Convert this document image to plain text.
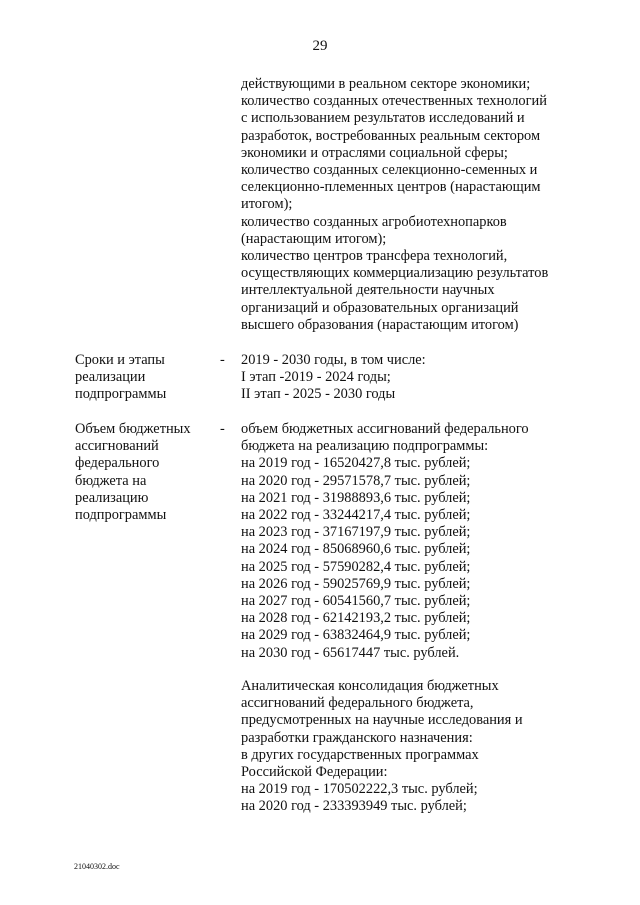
29
действующими в реальном секторе экономики;
количество созданных отечественных технологий
с использованием результатов исследований и
разработок, востребованных реальным сектором
экономики и отраслями социальной сферы;
количество созданных селекционно-семенных и
селекционно-племенных центров (нарастающим
итогом);
количество созданных агробиотехнопарков
(нарастающим итогом);
количество центров трансфера технологий,
осуществляющих коммерциализацию результатов
интеллектуальной деятельности научных
организаций и образовательных организаций
высшего образования (нарастающим итогом)
Сроки и этапы
реализации
подпрограммы
- 2019 - 2030 годы, в том числе:
I этап -2019 - 2024 годы;
II этап - 2025 - 2030 годы
Объем бюджетных
ассигнований
федерального
бюджета на
реализацию
подпрограммы
- объем бюджетных ассигнований федерального
бюджета на реализацию подпрограммы:
на 2019 год - 16520427,8 тыс. рублей;
на 2020 год - 29571578,7 тыс. рублей;
на 2021 год - 31988893,6 тыс. рублей;
на 2022 год - 33244217,4 тыс. рублей;
на 2023 год - 37167197,9 тыс. рублей;
на 2024 год - 85068960,6 тыс. рублей;
на 2025 год - 57590282,4 тыс. рублей;
на 2026 год - 59025769,9 тыс. рублей;
на 2027 год - 60541560,7 тыс. рублей;
на 2028 год - 62142193,2 тыс. рублей;
на 2029 год - 63832464,9 тыс. рублей;
на 2030 год - 65617447 тыс. рублей.
Аналитическая консолидация бюджетных
ассигнований федерального бюджета,
предусмотренных на научные исследования и
разработки гражданского назначения:
в других государственных программах
Российской Федерации:
на 2019 год - 170502222,3 тыс. рублей;
на 2020 год - 233393949 тыс. рублей;
21040302.doc
